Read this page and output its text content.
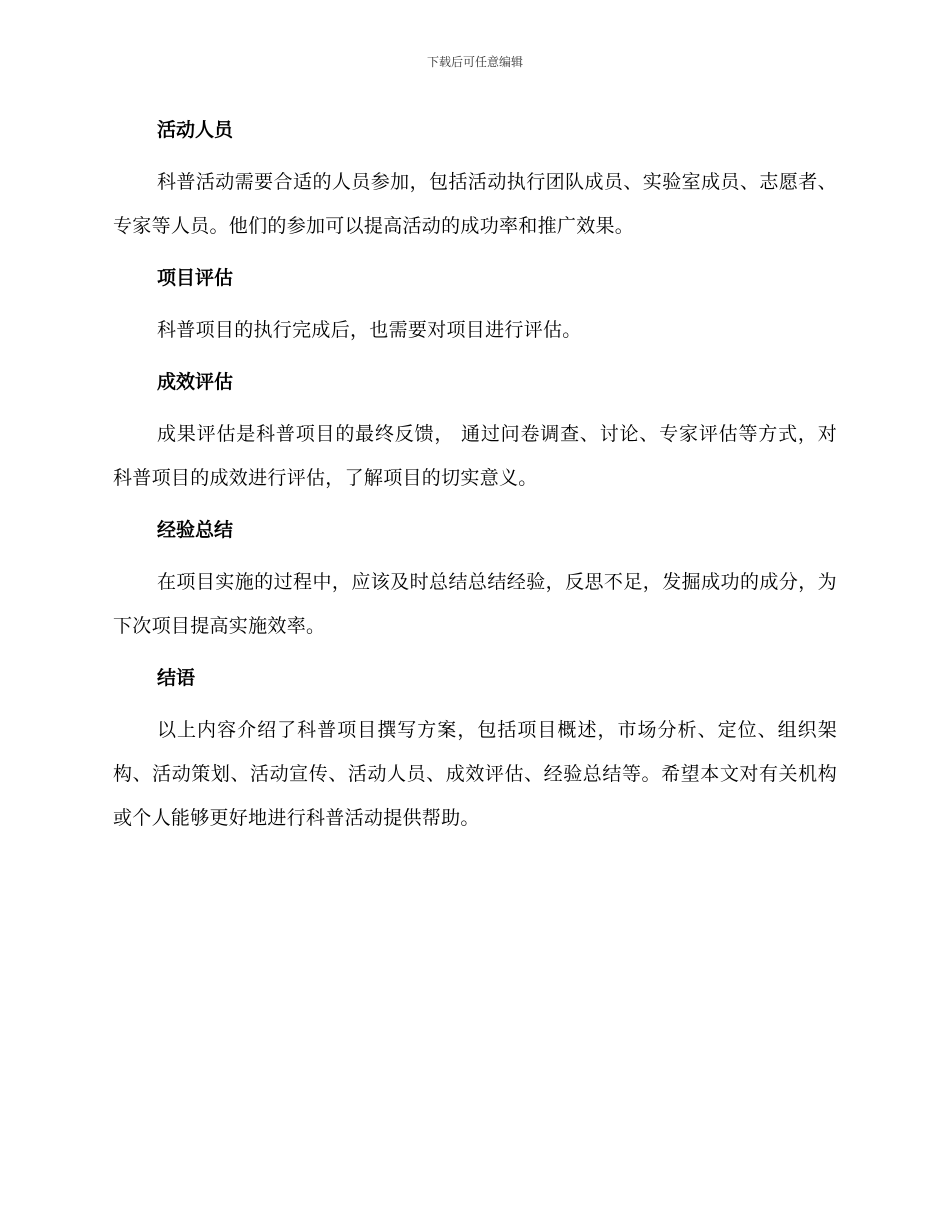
下载后可任意编辑
活动人员

科普活动需要合适的人员参加，包括活动执行团队成员、实验室成员、志愿者、专家等人员。他们的参加可以提高活动的成功率和推广效果。

项目评估

科普项目的执行完成后，也需要对项目进行评估。

成效评估

成果评估是科普项目的最终反馈， 通过问卷调查、讨论、专家评估等方式，对科普项目的成效进行评估，了解项目的切实意义。

经验总结

在项目实施的过程中，应该及时总结总结经验，反思不足，发掘成功的成分，为下次项目提高实施效率。

结语

以上内容介绍了科普项目撰写方案，包括项目概述，市场分析、定位、组织架构、活动策划、活动宣传、活动人员、成效评估、经验总结等。希望本文对有关机构或个人能够更好地进行科普活动提供帮助。
